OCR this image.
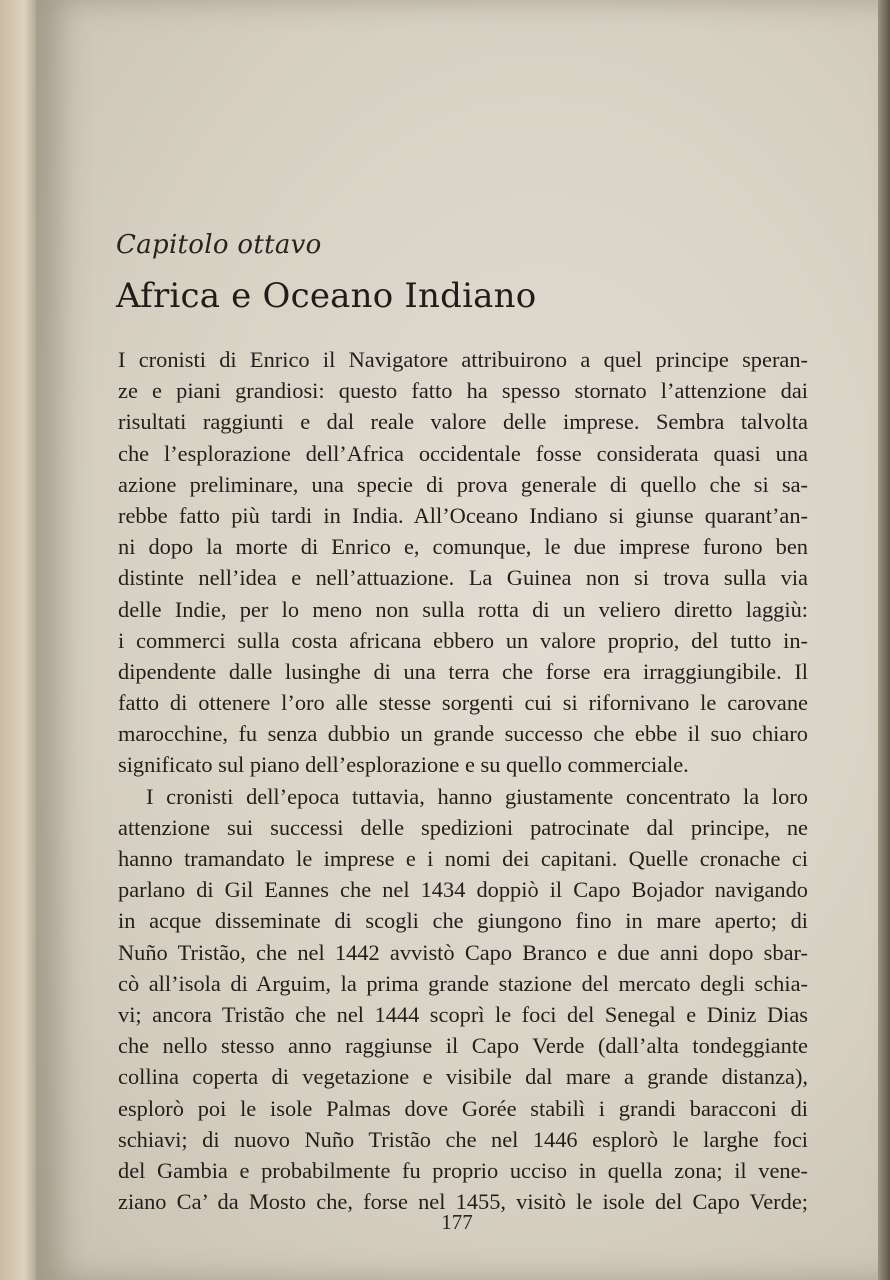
Capitolo ottavo
Africa e Oceano Indiano
I cronisti di Enrico il Navigatore attribuirono a quel principe speran-
ze e piani grandiosi: questo fatto ha spesso stornato l’attenzione dai
risultati raggiunti e dal reale valore delle imprese. Sembra talvolta
che l’esplorazione dell’Africa occidentale fosse considerata quasi una
azione preliminare, una specie di prova generale di quello che si sa-
rebbe fatto più tardi in India. All’Oceano Indiano si giunse quarant’an-
ni dopo la morte di Enrico e, comunque, le due imprese furono ben
distinte nell’idea e nell’attuazione. La Guinea non si trova sulla via
delle Indie, per lo meno non sulla rotta di un veliero diretto laggiù:
i commerci sulla costa africana ebbero un valore proprio, del tutto in-
dipendente dalle lusinghe di una terra che forse era irraggiungibile. Il
fatto di ottenere l’oro alle stesse sorgenti cui si rifornivano le carovane
marocchine, fu senza dubbio un grande successo che ebbe il suo chiaro
significato sul piano dell’esplorazione e su quello commerciale.
I cronisti dell’epoca tuttavia, hanno giustamente concentrato la loro
attenzione sui successi delle spedizioni patrocinate dal principe, ne
hanno tramandato le imprese e i nomi dei capitani. Quelle cronache ci
parlano di Gil Eannes che nel 1434 doppiò il Capo Bojador navigando
in acque disseminate di scogli che giungono fino in mare aperto; di
Nuño Tristão, che nel 1442 avvistò Capo Branco e due anni dopo sbar-
cò all’isola di Arguim, la prima grande stazione del mercato degli schia-
vi; ancora Tristão che nel 1444 scoprì le foci del Senegal e Diniz Dias
che nello stesso anno raggiunse il Capo Verde (dall’alta tondeggiante
collina coperta di vegetazione e visibile dal mare a grande distanza),
esplorò poi le isole Palmas dove Gorée stabilì i grandi baracconi di
schiavi; di nuovo Nuño Tristão che nel 1446 esplorò le larghe foci
del Gambia e probabilmente fu proprio ucciso in quella zona; il vene-
ziano Ca’ da Mosto che, forse nel 1455, visitò le isole del Capo Verde;
177
